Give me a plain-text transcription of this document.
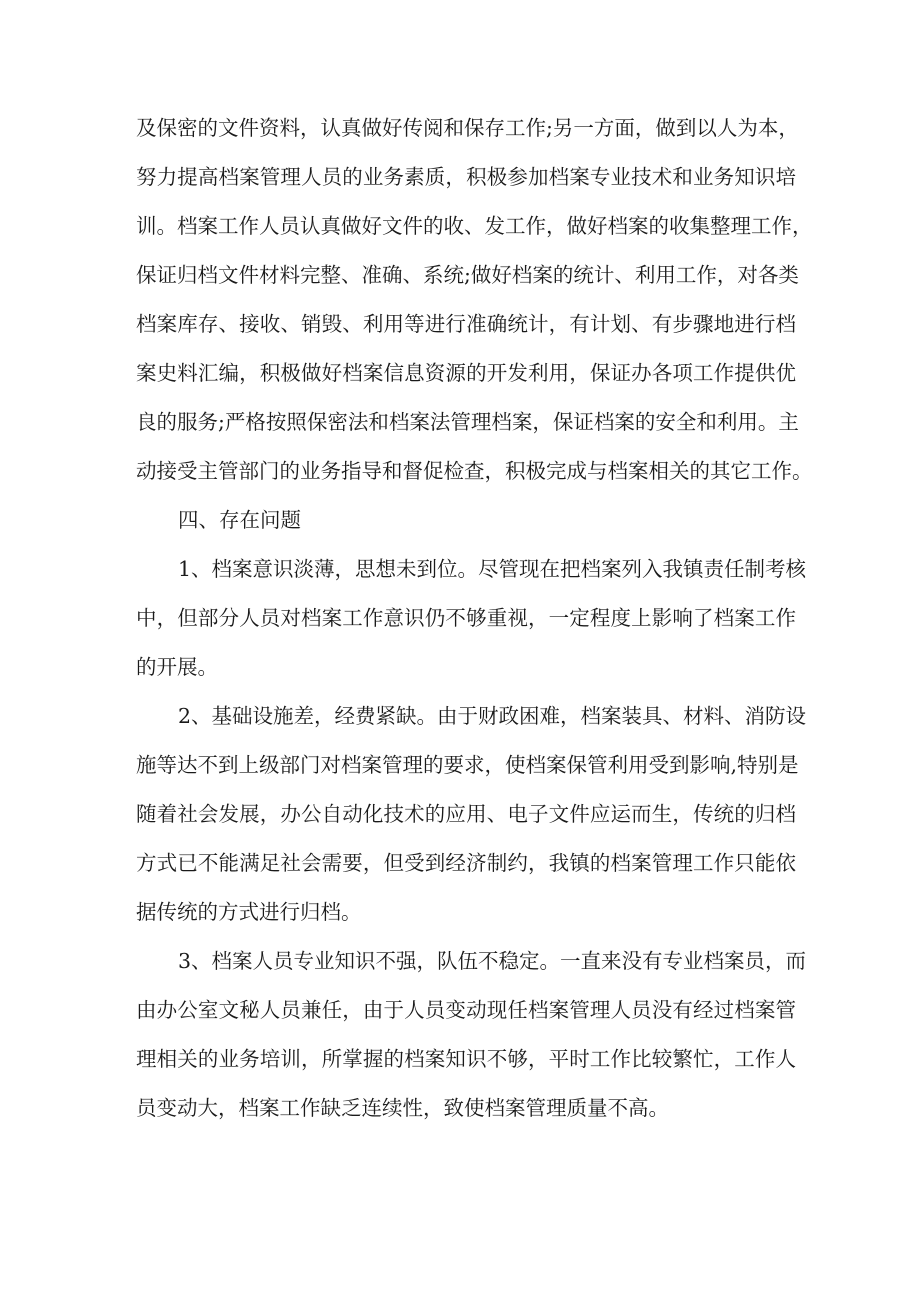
及保密的文件资料，认真做好传阅和保存工作;另一方面，做到以人为本，
努力提高档案管理人员的业务素质，积极参加档案专业技术和业务知识培
训。档案工作人员认真做好文件的收、发工作，做好档案的收集整理工作，
保证归档文件材料完整、准确、系统;做好档案的统计、利用工作，对各类
档案库存、接收、销毁、利用等进行准确统计，有计划、有步骤地进行档
案史料汇编，积极做好档案信息资源的开发利用，保证办各项工作提供优
良的服务;严格按照保密法和档案法管理档案，保证档案的安全和利用。主
动接受主管部门的业务指导和督促检查，积极完成与档案相关的其它工作。
四、存在问题
1、档案意识淡薄，思想未到位。尽管现在把档案列入我镇责任制考核
中，但部分人员对档案工作意识仍不够重视，一定程度上影响了档案工作
的开展。
2、基础设施差，经费紧缺。由于财政困难，档案装具、材料、消防设
施等达不到上级部门对档案管理的要求，使档案保管利用受到影响,特别是
随着社会发展，办公自动化技术的应用、电子文件应运而生，传统的归档
方式已不能满足社会需要，但受到经济制约，我镇的档案管理工作只能依
据传统的方式进行归档。
3、档案人员专业知识不强，队伍不稳定。一直来没有专业档案员，而
由办公室文秘人员兼任，由于人员变动现任档案管理人员没有经过档案管
理相关的业务培训，所掌握的档案知识不够，平时工作比较繁忙，工作人
员变动大，档案工作缺乏连续性，致使档案管理质量不高。
